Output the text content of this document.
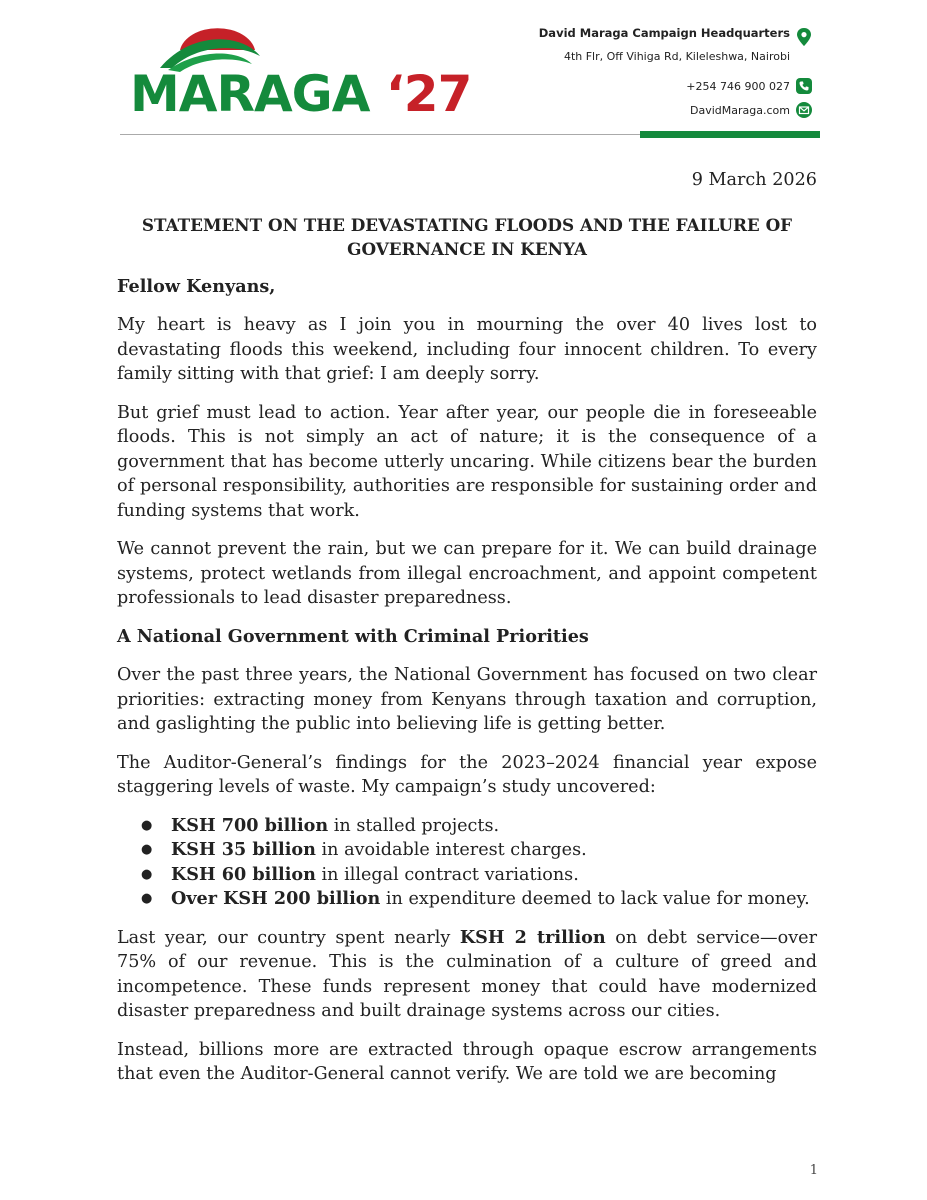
MARAGA ‘27
David Maraga Campaign Headquarters
4th Flr, Off Vihiga Rd, Kileleshwa, Nairobi
+254 746 900 027
DavidMaraga.com

9 March 2026

STATEMENT ON THE DEVASTATING FLOODS AND THE FAILURE OF GOVERNANCE IN KENYA

Fellow Kenyans,

My heart is heavy as I join you in mourning the over 40 lives lost to devastating floods this weekend, including four innocent children. To every family sitting with that grief: I am deeply sorry.

But grief must lead to action. Year after year, our people die in foreseeable floods. This is not simply an act of nature; it is the consequence of a government that has become utterly uncaring. While citizens bear the burden of personal responsibility, authorities are responsible for sustaining order and funding systems that work.

We cannot prevent the rain, but we can prepare for it. We can build drainage systems, protect wetlands from illegal encroachment, and appoint competent professionals to lead disaster preparedness.

A National Government with Criminal Priorities

Over the past three years, the National Government has focused on two clear priorities: extracting money from Kenyans through taxation and corruption, and gaslighting the public into believing life is getting better.

The Auditor-General’s findings for the 2023–2024 financial year expose staggering levels of waste. My campaign’s study uncovered:

● KSH 700 billion in stalled projects.
● KSH 35 billion in avoidable interest charges.
● KSH 60 billion in illegal contract variations.
● Over KSH 200 billion in expenditure deemed to lack value for money.

Last year, our country spent nearly KSH 2 trillion on debt service—over 75% of our revenue. This is the culmination of a culture of greed and incompetence. These funds represent money that could have modernized disaster preparedness and built drainage systems across our cities.

Instead, billions more are extracted through opaque escrow arrangements that even the Auditor-General cannot verify. We are told we are becoming

1
